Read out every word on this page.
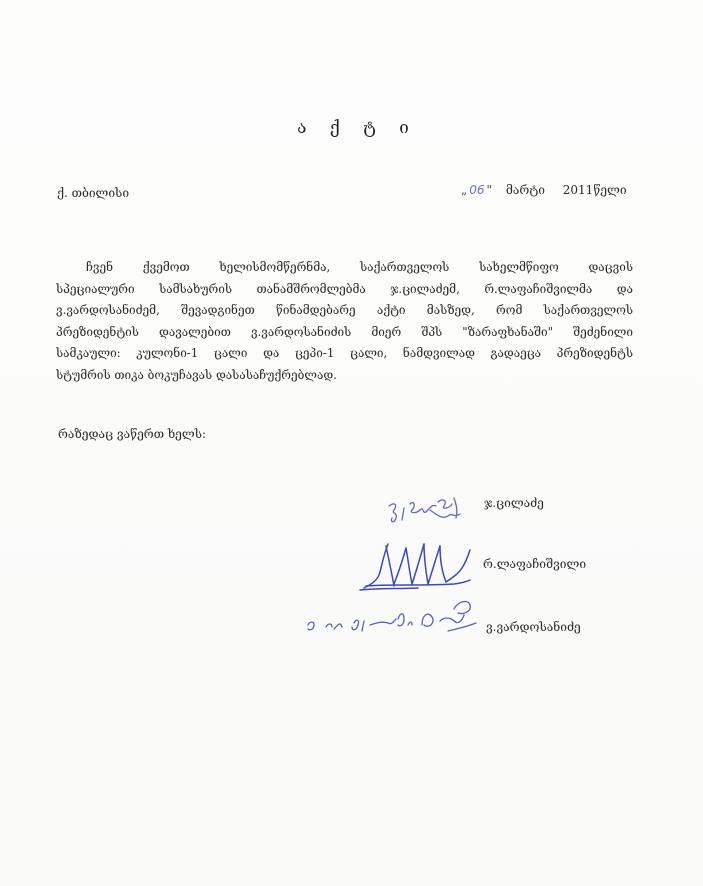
ა ქ ტ ი
ქ. თბილისი	„ 06 " მარტი 2011წელი
ჩვენ ქვემოთ ხელისმომწერნმა, საქართველოს სახელმწიფო დაცვის
სპეციალური სამსახურის თანამშრომლებმა ჯ.ცილაძემ, რ.ლაფაჩიშვილმა და
ვ.ვარდოსანიძემ, შევადგინეთ წინამდებარე აქტი მასზედ, რომ საქართველოს
პრეზიდენტის დავალებით ვ.ვარდოსანიძის მიერ შპს "ზარაფხანაში" შეძენილი
სამკაული: კულონი-1 ცალი და ცეპი-1 ცალი, ნამდვილად გადაეცა პრეზიდენტს
სტუმრის თიკა ბოკუჩავას დასასაჩუქრებლად.
რაზედაც ვაწერთ ხელს:
ჯ.ცილაძე
რ.ლაფაჩიშვილი
ვ.ვარდოსანიძე
